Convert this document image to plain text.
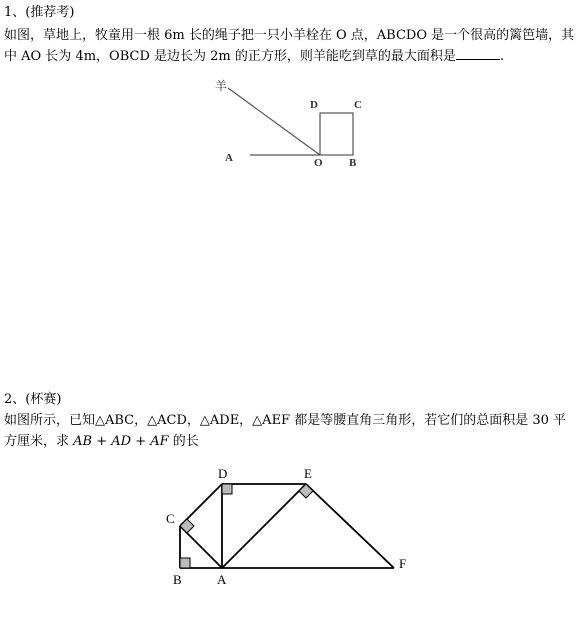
1、(推荐考)
如图，草地上，牧童用一根 6m 长的绳子把一只小羊栓在 O 点，ABCDO 是一个很高的篱笆墙，其中 AO 长为 4m，OBCD 是边长为 2m 的正方形，则羊能吃到草的最大面积是	.
羊
A	O B
D	C
2、(杯赛)
如图所示，已知△ABC，△ACD，△ADE，△AEF 都是等腰直角三角形，若它们的总面积是 30 平方厘米，求 AB + AD + AF 的长
D	E
C
F
B	A
